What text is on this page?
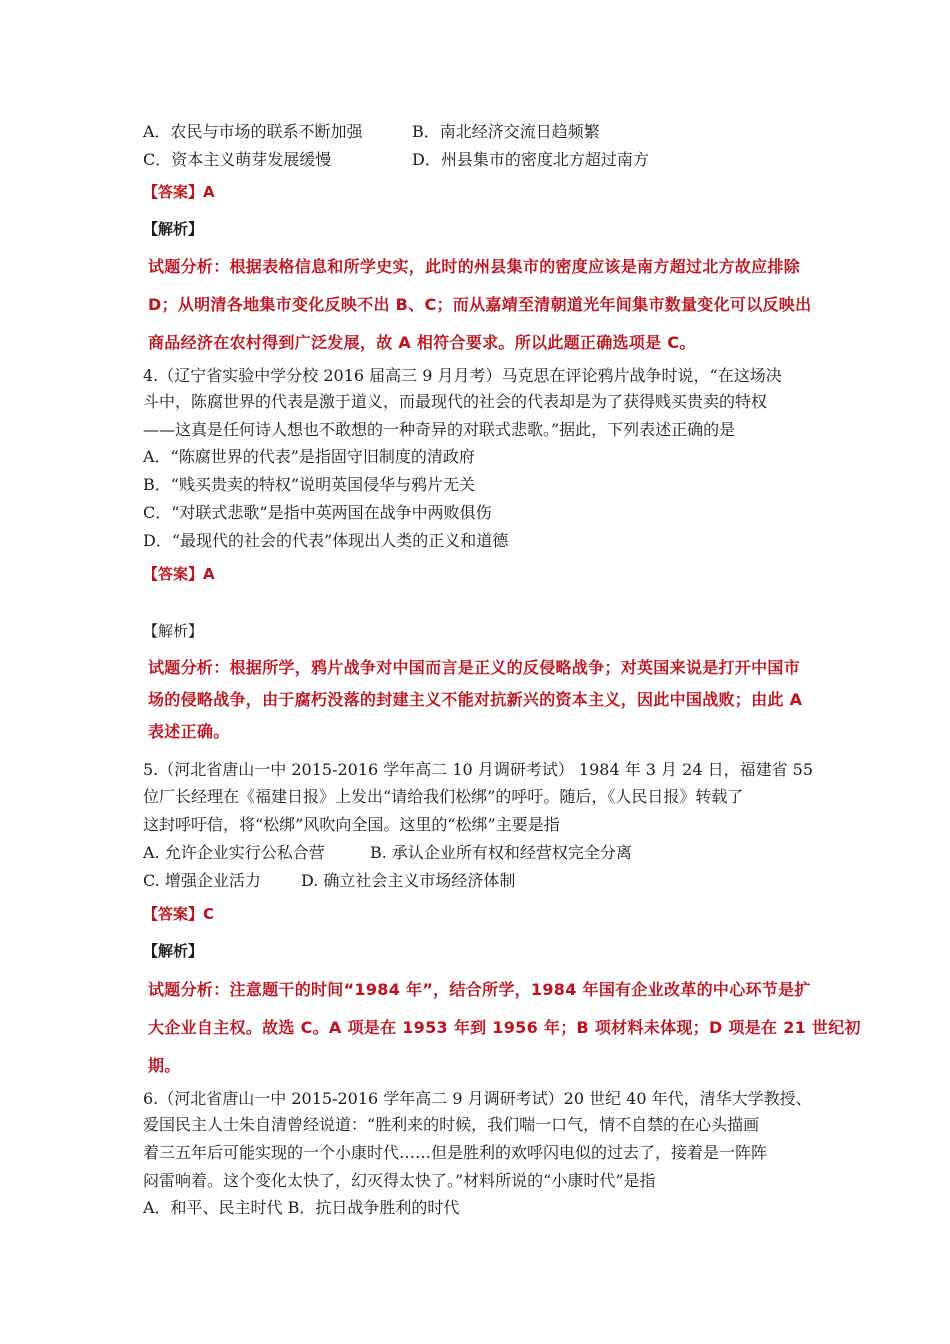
A．农民与市场的联系不断加强	B．南北经济交流日趋频繁
C．资本主义萌芽发展缓慢	D．州县集市的密度北方超过南方
【答案】A
【解析】
试题分析：根据表格信息和所学史实，此时的州县集市的密度应该是南方超过北方故应排除
D；从明清各地集市变化反映不出 B、C；而从嘉靖至清朝道光年间集市数量变化可以反映出
商品经济在农村得到广泛发展，故 A 相符合要求。所以此题正确选项是 C。
4.（辽宁省实验中学分校 2016 届高三 9 月月考）马克思在评论鸦片战争时说，“在这场决
斗中，陈腐世界的代表是激于道义，而最现代的社会的代表却是为了获得贱买贵卖的特权
——这真是任何诗人想也不敢想的一种奇异的对联式悲歌。”据此，下列表述正确的是
A．“陈腐世界的代表”是指固守旧制度的清政府
B．“贱买贵卖的特权”说明英国侵华与鸦片无关
C．“对联式悲歌”是指中英两国在战争中两败俱伤
D．“最现代的社会的代表”体现出人类的正义和道德
【答案】A
【解析】
试题分析：根据所学，鸦片战争对中国而言是正义的反侵略战争；对英国来说是打开中国市
场的侵略战争，由于腐朽没落的封建主义不能对抗新兴的资本主义，因此中国战败；由此 A
表述正确。
5.（河北省唐山一中 2015-2016 学年高二 10 月调研考试） 1984 年 3 月 24 日，福建省 55
位厂长经理在《福建日报》上发出“请给我们松绑”的呼吁。随后，《人民日报》转载了
这封呼吁信，将“松绑”风吹向全国。这里的“松绑”主要是指
A. 允许企业实行公私合营	B. 承认企业所有权和经营权完全分离
C. 增强企业活力	D. 确立社会主义市场经济体制
【答案】C
【解析】
试题分析：注意题干的时间“1984 年”，结合所学，1984 年国有企业改革的中心环节是扩
大企业自主权。故选 C。A 项是在 1953 年到 1956 年；B 项材料未体现；D 项是在 21 世纪初
期。
6.（河北省唐山一中 2015-2016 学年高二 9 月调研考试）20 世纪 40 年代，清华大学教授、
爱国民主人士朱自清曾经说道：“胜利来的时候，我们喘一口气，情不自禁的在心头描画
着三五年后可能实现的一个小康时代……但是胜利的欢呼闪电似的过去了，接着是一阵阵
闷雷响着。这个变化太快了，幻灭得太快了。”材料所说的“小康时代”是指
A．和平、民主时代 B．抗日战争胜利的时代
